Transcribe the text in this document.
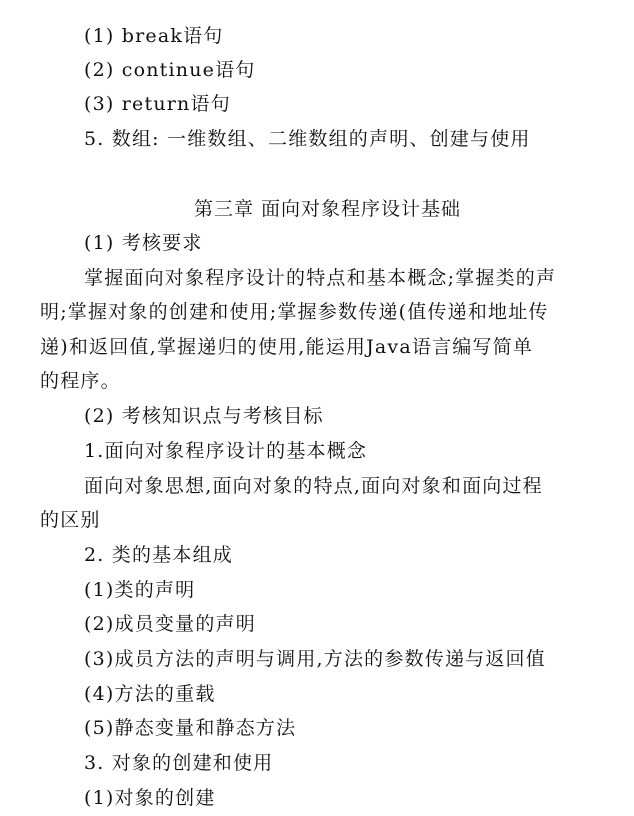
(1) break语句
(2) continue语句
(3) return语句
5. 数组: 一维数组、二维数组的声明、创建与使用
第三章 面向对象程序设计基础
(1) 考核要求
掌握面向对象程序设计的特点和基本概念;掌握类的声
明;掌握对象的创建和使用;掌握参数传递(值传递和地址传
递)和返回值,掌握递归的使用,能运用Java语言编写简单
的程序。
(2) 考核知识点与考核目标
1.面向对象程序设计的基本概念
面向对象思想,面向对象的特点,面向对象和面向过程
的区别
2. 类的基本组成
(1)类的声明
(2)成员变量的声明
(3)成员方法的声明与调用,方法的参数传递与返回值
(4)方法的重载
(5)静态变量和静态方法
3. 对象的创建和使用
(1)对象的创建
